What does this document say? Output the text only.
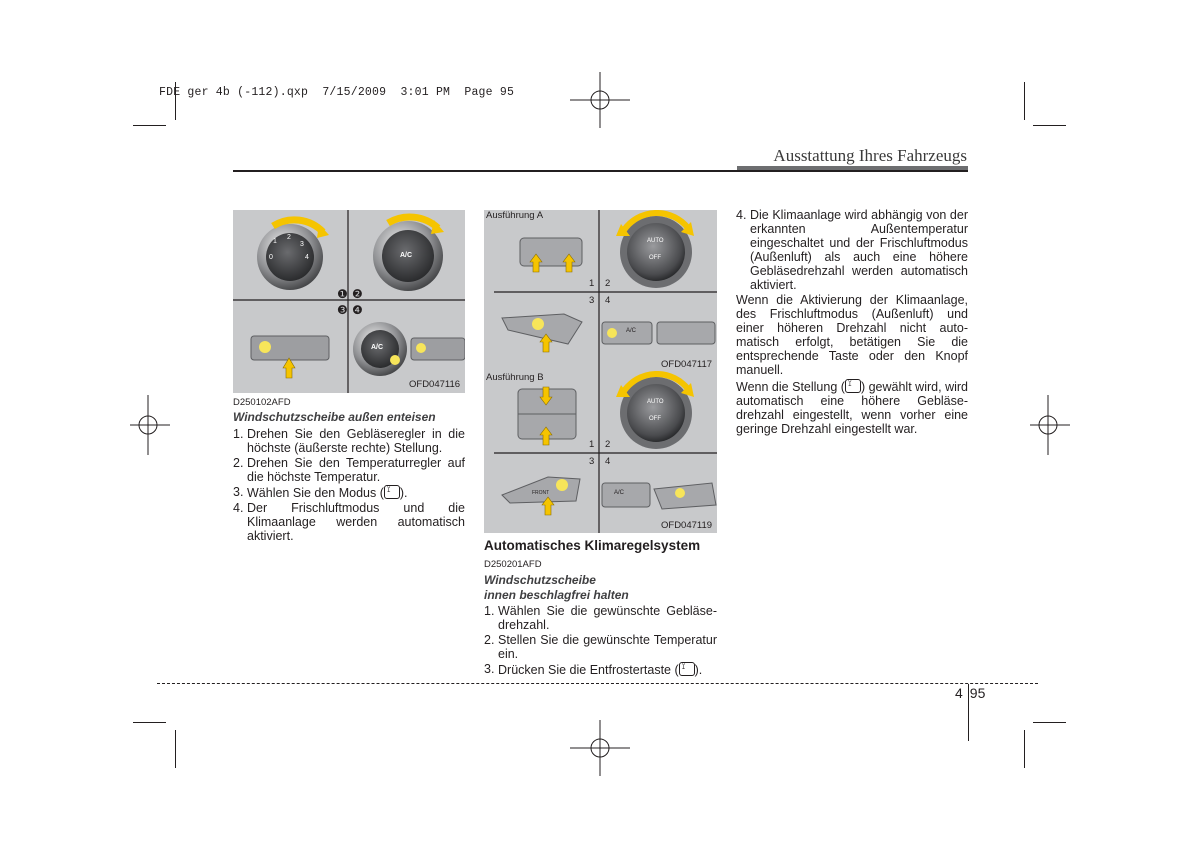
FDE ger 4b (-112).qxp  7/15/2009  3:01 PM  Page 95
Ausstattung Ihres Fahrzeugs
1
2
3
0	4	A/C
A/C
❶ ❷
❸ ❹
OFD047116
D250102AFD
Windschutzscheibe außen enteisen
1. Drehen Sie den Gebläseregler in die höchste (äußerste rechte) Stellung.
2. Drehen Sie den Temperaturregler auf die höchste Temperatur.
3. Wählen Sie den Modus ( ⟟ ).
4. Der Frischluftmodus und die Klimaanlage werden automatisch aktiviert.
Ausführung A
1 2
3 4
AUTO
OFF
A/C
OFD047117
Ausführung B
1 2
3 4
AUTO
OFF
A/C
FRONT
OFD047119
Automatisches Klimaregelsystem
D250201AFD
Windschutzscheibe
innen beschlagfrei halten
1. Wählen Sie die gewünschte Gebläse-drehzahl.
2. Stellen Sie die gewünschte Temperatur ein.
3. Drücken Sie die Entfrostertaste (⟟ ).
4. Die Klimaanlage wird abhängig von der erkannten Außentemperatur eingeschaltet und der Frischluftmodus (Außenluft) als auch eine höhere Gebläsedrehzahl werden automatisch aktiviert.
Wenn die Aktivierung der Klimaanlage, des Frischluftmodus (Außenluft) und einer höheren Drehzahl nicht auto-matisch erfolgt, betätigen Sie die entsprechende Taste oder den Knopf manuell.
Wenn die Stellung ( ⟟ ) gewählt wird, wird automatisch eine höhere Gebläse-drehzahl eingestellt, wenn vorher eine geringe Drehzahl eingestellt war.
4 95
